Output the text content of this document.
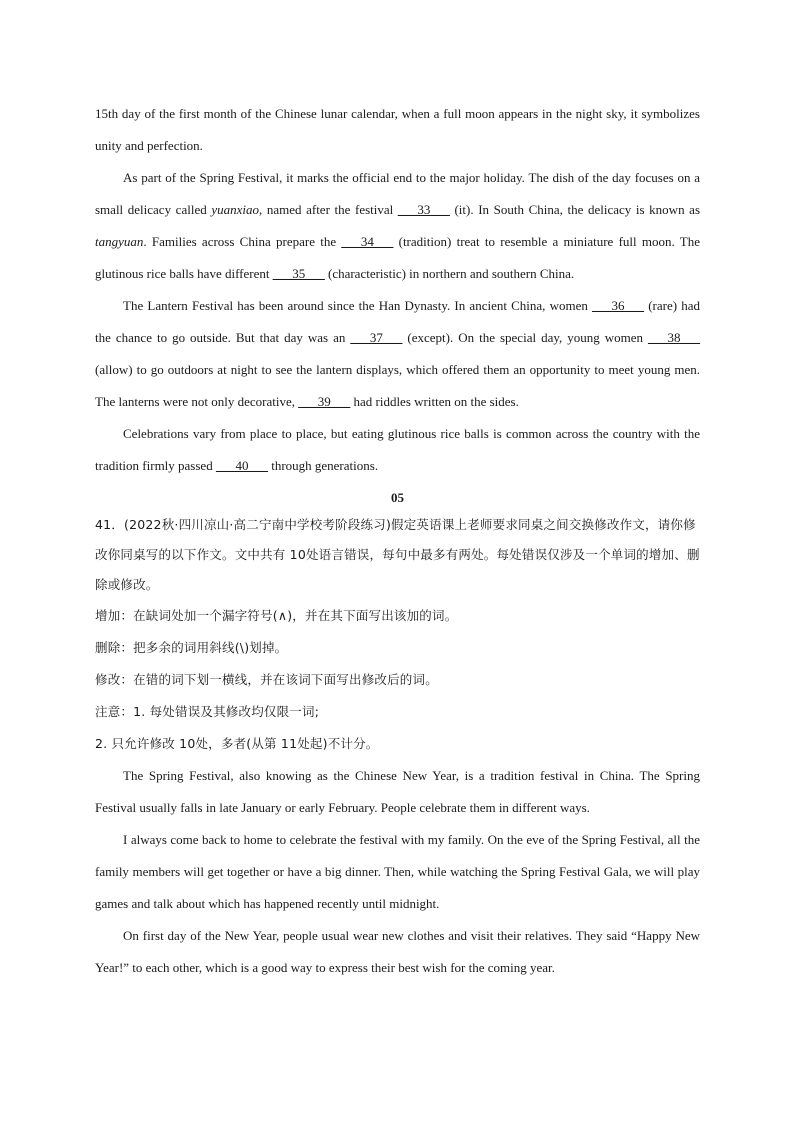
15th day of the first month of the Chinese lunar calendar, when a full moon appears in the night sky, it symbolizes unity and perfection.

As part of the Spring Festival, it marks the official end to the major holiday. The dish of the day focuses on a small delicacy called yuanxiao, named after the festival ___33___ (it). In South China, the delicacy is known as tangyuan. Families across China prepare the ___34___ (tradition) treat to resemble a miniature full moon. The glutinous rice balls have different ___35___ (characteristic) in northern and southern China.

The Lantern Festival has been around since the Han Dynasty. In ancient China, women ___36___ (rare) had the chance to go outside. But that day was an ___37___ (except). On the special day, young women ___38___ (allow) to go outdoors at night to see the lantern displays, which offered them an opportunity to meet young men. The lanterns were not only decorative, ___39___ had riddles written on the sides.

Celebrations vary from place to place, but eating glutinous rice balls is common across the country with the tradition firmly passed ___40___ through generations.

05

41．(2022秋·四川凉山·高二宁南中学校考阶段练习)假定英语课上老师要求同桌之间交换修改作文，请你修改你同桌写的以下作文。文中共有 10处语言错误，每句中最多有两处。每处错误仅涉及一个单词的增加、删除或修改。

增加：在缺词处加一个漏字符号(∧)，并在其下面写出该加的词。

删除：把多余的词用斜线(\)划掉。

修改：在错的词下划一横线，并在该词下面写出修改后的词。

注意：1. 每处错误及其修改均仅限一词;

2. 只允许修改 10处，多者(从第 11处起)不计分。

The Spring Festival, also knowing as the Chinese New Year, is a tradition festival in China. The Spring Festival usually falls in late January or early February. People celebrate them in different ways.

I always come back to home to celebrate the festival with my family. On the eve of the Spring Festival, all the family members will get together or have a big dinner. Then, while watching the Spring Festival Gala, we will play games and talk about which has happened recently until midnight.

On first day of the New Year, people usual wear new clothes and visit their relatives. They said “Happy New Year!” to each other, which is a good way to express their best wish for the coming year.
